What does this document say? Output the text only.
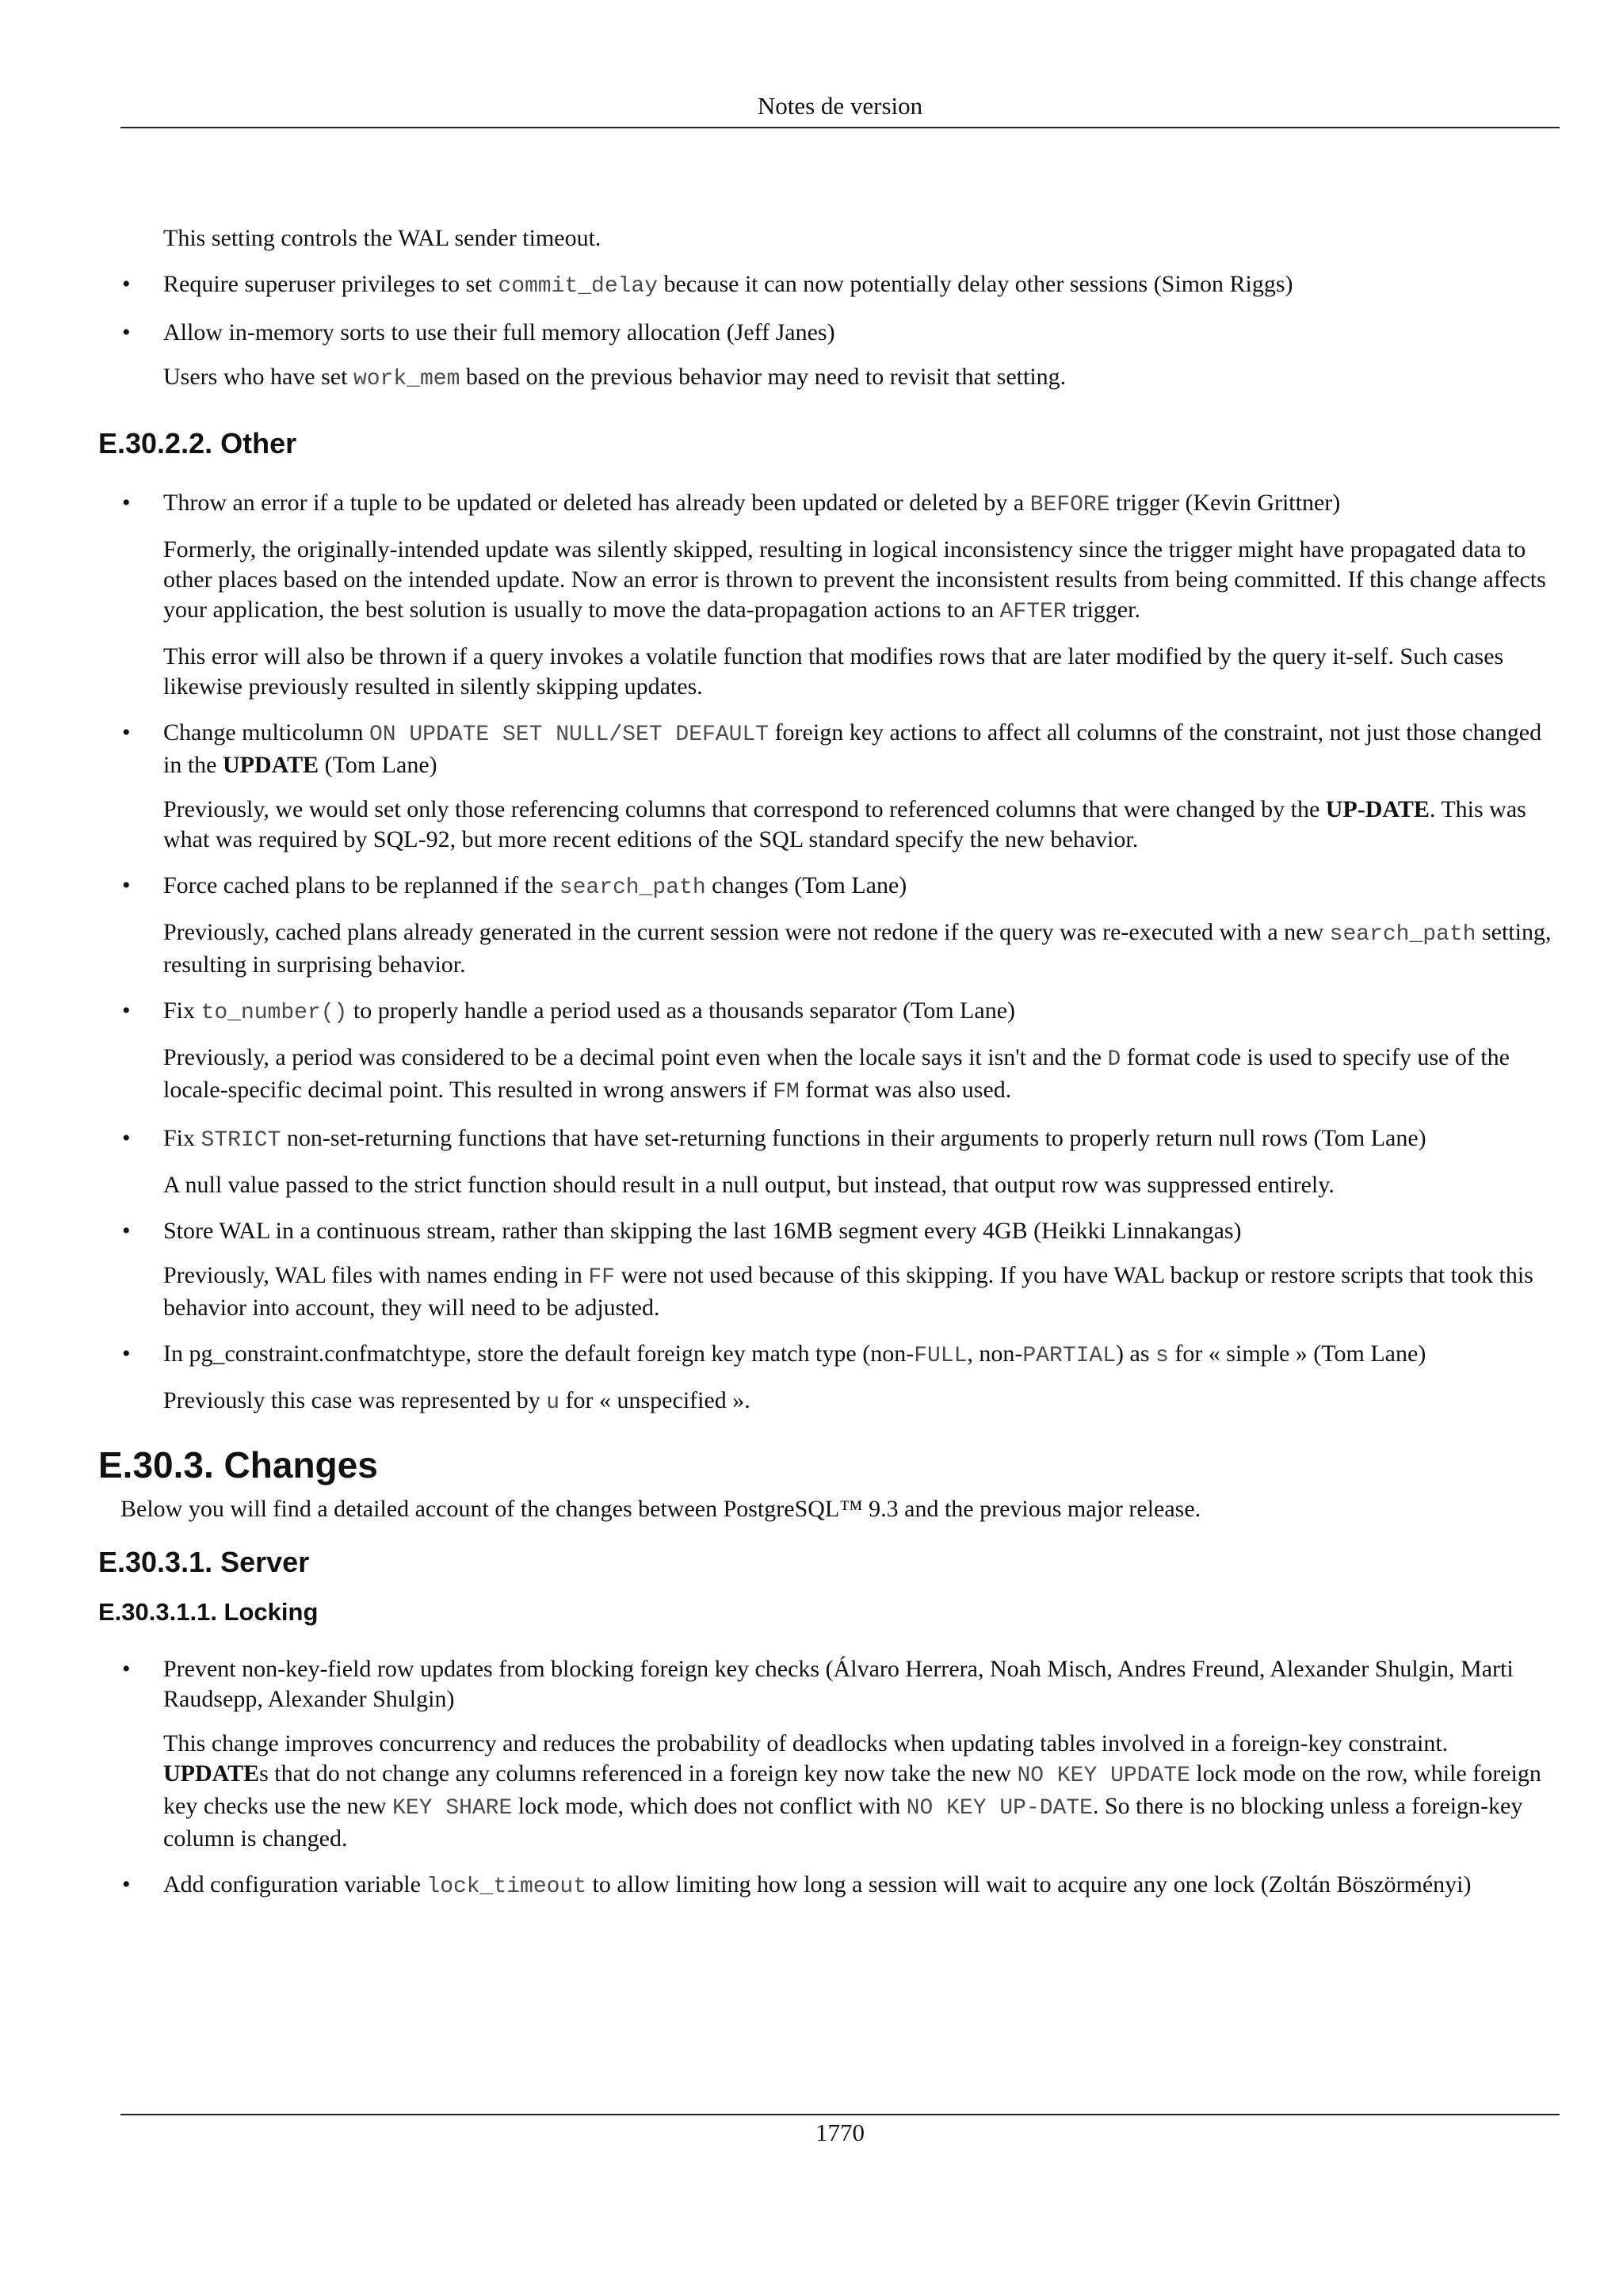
Notes de version

This setting controls the WAL sender timeout.

• Require superuser privileges to set commit_delay because it can now potentially delay other sessions (Simon Riggs)

• Allow in-memory sorts to use their full memory allocation (Jeff Janes)

Users who have set work_mem based on the previous behavior may need to revisit that setting.

E.30.2.2. Other

• Throw an error if a tuple to be updated or deleted has already been updated or deleted by a BEFORE trigger (Kevin Grittner)

Formerly, the originally-intended update was silently skipped, resulting in logical inconsistency since the trigger might have propagated data to other places based on the intended update. Now an error is thrown to prevent the inconsistent results from being committed. If this change affects your application, the best solution is usually to move the data-propagation actions to an AFTER trigger.

This error will also be thrown if a query invokes a volatile function that modifies rows that are later modified by the query it-self. Such cases likewise previously resulted in silently skipping updates.

• Change multicolumn ON UPDATE SET NULL/SET DEFAULT foreign key actions to affect all columns of the constraint, not just those changed in the UPDATE (Tom Lane)

Previously, we would set only those referencing columns that correspond to referenced columns that were changed by the UP-DATE. This was what was required by SQL-92, but more recent editions of the SQL standard specify the new behavior.

• Force cached plans to be replanned if the search_path changes (Tom Lane)

Previously, cached plans already generated in the current session were not redone if the query was re-executed with a new search_path setting, resulting in surprising behavior.

• Fix to_number() to properly handle a period used as a thousands separator (Tom Lane)

Previously, a period was considered to be a decimal point even when the locale says it isn't and the D format code is used to specify use of the locale-specific decimal point. This resulted in wrong answers if FM format was also used.

• Fix STRICT non-set-returning functions that have set-returning functions in their arguments to properly return null rows (Tom Lane)

A null value passed to the strict function should result in a null output, but instead, that output row was suppressed entirely.

• Store WAL in a continuous stream, rather than skipping the last 16MB segment every 4GB (Heikki Linnakangas)

Previously, WAL files with names ending in FF were not used because of this skipping. If you have WAL backup or restore scripts that took this behavior into account, they will need to be adjusted.

• In pg_constraint.confmatchtype, store the default foreign key match type (non-FULL, non-PARTIAL) as s for « simple » (Tom Lane)

Previously this case was represented by u for « unspecified ».

E.30.3. Changes

Below you will find a detailed account of the changes between PostgreSQL™ 9.3 and the previous major release.

E.30.3.1. Server
E.30.3.1.1. Locking

• Prevent non-key-field row updates from blocking foreign key checks (Álvaro Herrera, Noah Misch, Andres Freund, Alexander Shulgin, Marti Raudsepp, Alexander Shulgin)

This change improves concurrency and reduces the probability of deadlocks when updating tables involved in a foreign-key constraint. UPDATEs that do not change any columns referenced in a foreign key now take the new NO KEY UPDATE lock mode on the row, while foreign key checks use the new KEY SHARE lock mode, which does not conflict with NO KEY UP-DATE. So there is no blocking unless a foreign-key column is changed.

• Add configuration variable lock_timeout to allow limiting how long a session will wait to acquire any one lock (Zoltán Böszörményi)

1770
